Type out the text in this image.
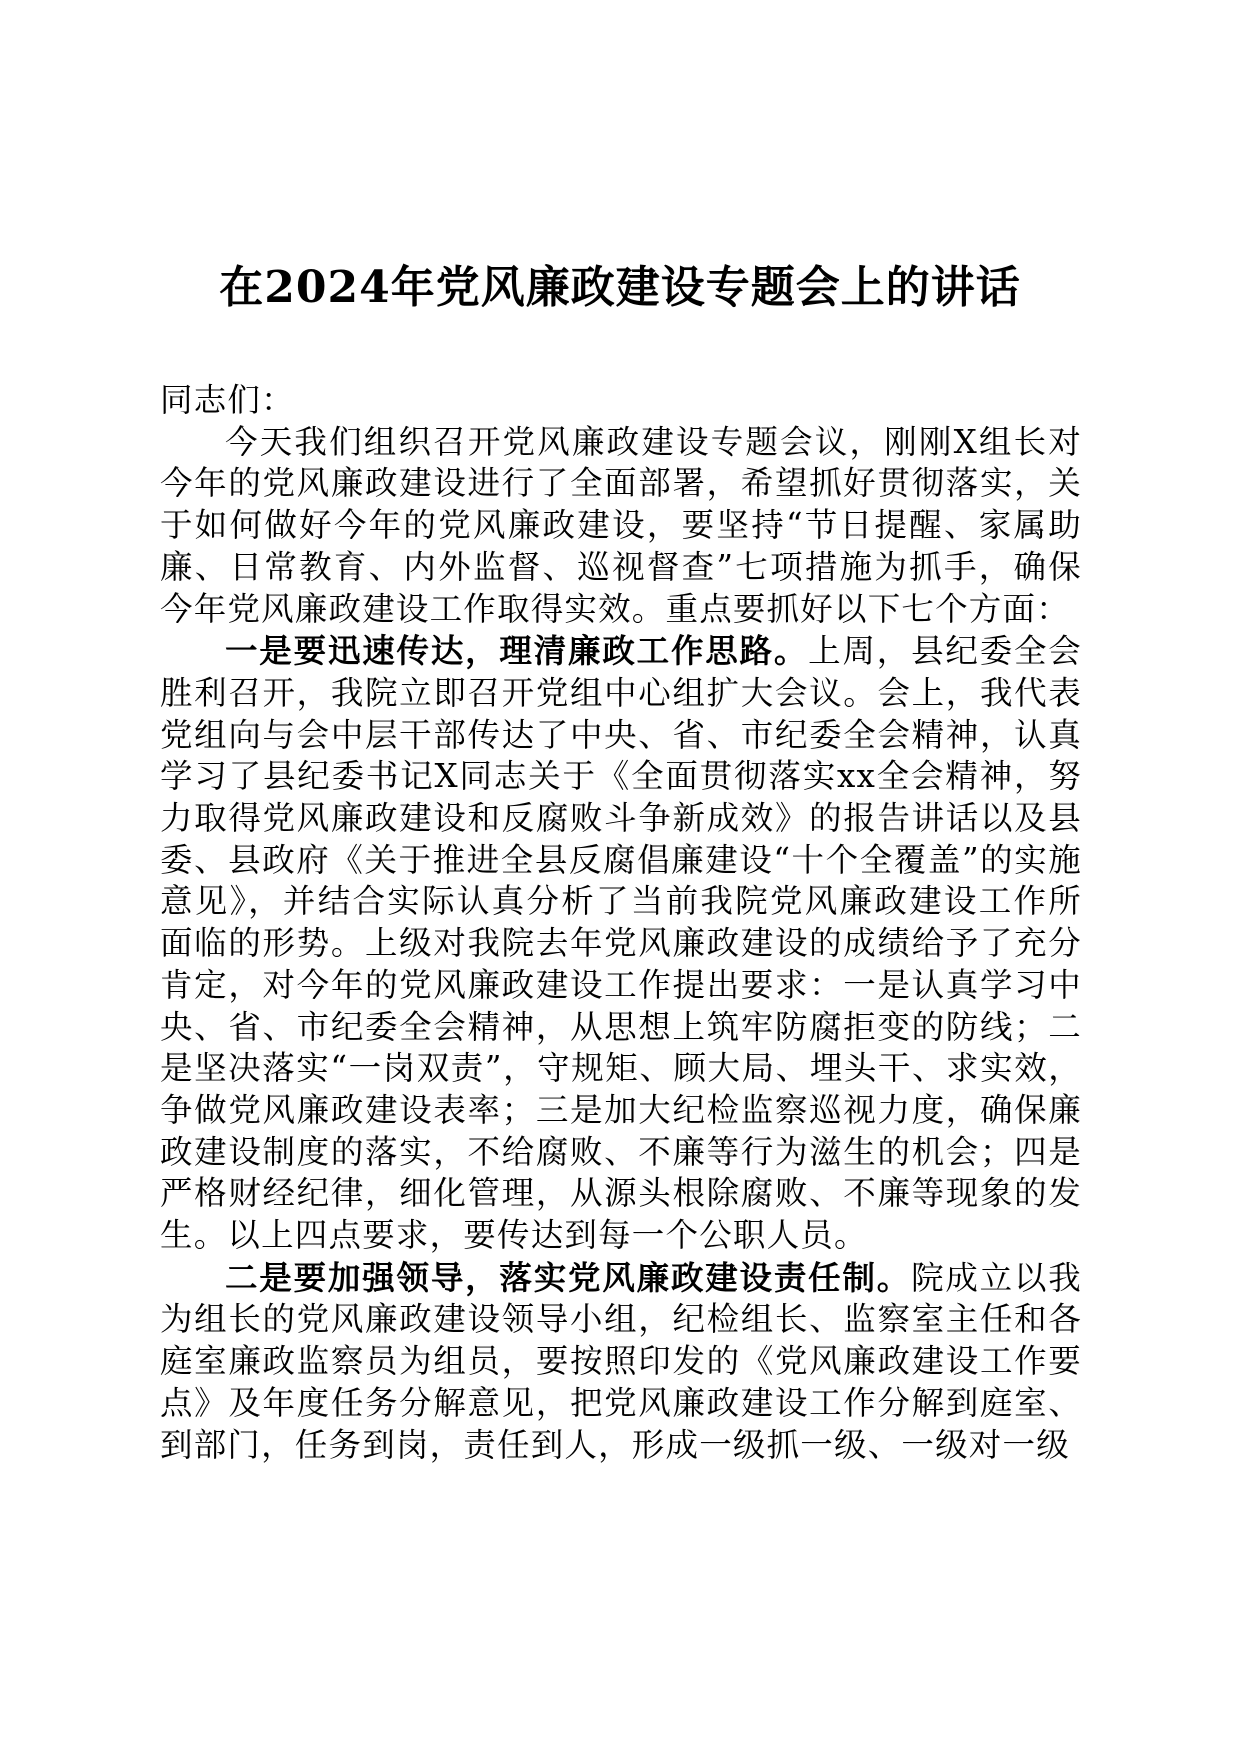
在2024年党风廉政建设专题会上的讲话

同志们：

今天我们组织召开党风廉政建设专题会议，刚刚X组长对今年的党风廉政建设进行了全面部署，希望抓好贯彻落实，关于如何做好今年的党风廉政建设，要坚持“节日提醒、家属助廉、日常教育、内外监督、巡视督查”七项措施为抓手，确保今年党风廉政建设工作取得实效。重点要抓好以下七个方面：

一是要迅速传达，理清廉政工作思路。上周，县纪委全会胜利召开，我院立即召开党组中心组扩大会议。会上，我代表党组向与会中层干部传达了中央、省、市纪委全会精神，认真学习了县纪委书记X同志关于《全面贯彻落实xx全会精神，努力取得党风廉政建设和反腐败斗争新成效》的报告讲话以及县委、县政府《关于推进全县反腐倡廉建设“十个全覆盖”的实施意见》，并结合实际认真分析了当前我院党风廉政建设工作所面临的形势。上级对我院去年党风廉政建设的成绩给予了充分肯定，对今年的党风廉政建设工作提出要求：一是认真学习中央、省、市纪委全会精神，从思想上筑牢防腐拒变的防线；二是坚决落实“一岗双责”，守规矩、顾大局、埋头干、求实效，争做党风廉政建设表率；三是加大纪检监察巡视力度，确保廉政建设制度的落实，不给腐败、不廉等行为滋生的机会；四是严格财经纪律，细化管理，从源头根除腐败、不廉等现象的发生。以上四点要求，要传达到每一个公职人员。

二是要加强领导，落实党风廉政建设责任制。院成立以我为组长的党风廉政建设领导小组，纪检组长、监察室主任和各庭室廉政监察员为组员，要按照印发的《党风廉政建设工作要点》及年度任务分解意见，把党风廉政建设工作分解到庭室、到部门，任务到岗，责任到人，形成一级抓一级、一级对一级
